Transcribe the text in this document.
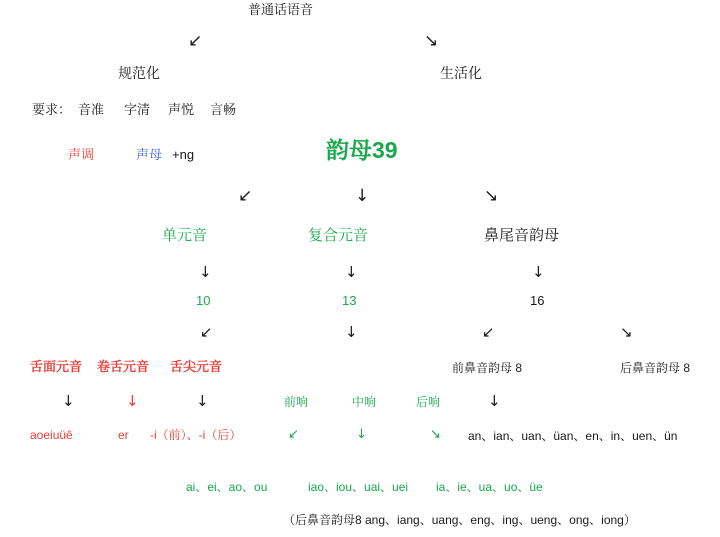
普通话语音
↙	↘
规范化	生活化
要求： 音准 字清 声悦 言畅
声调	声母 +ng	韵母39
↙	↓	↘
单元音	复合元音	鼻尾音韵母
↓	↓	↓
10	13	16
↙	↓	↙	↘
舌面元音 卷舌元音 舌尖元音	前鼻音韵母 8	后鼻音韵母 8
↓	↓	↓	↓
前响	中响	后响
aoeiuüê	er -i（前）、-i（后）	↙	↓	↘ an、ian、uan、üan、en、in、uen、ün
ai、ei、ao、ou	iao、iou、uai、uei ia、ie、ua、uo、üe
（后鼻音韵母8 ang、iang、uang、eng、ing、ueng、ong、iong）
